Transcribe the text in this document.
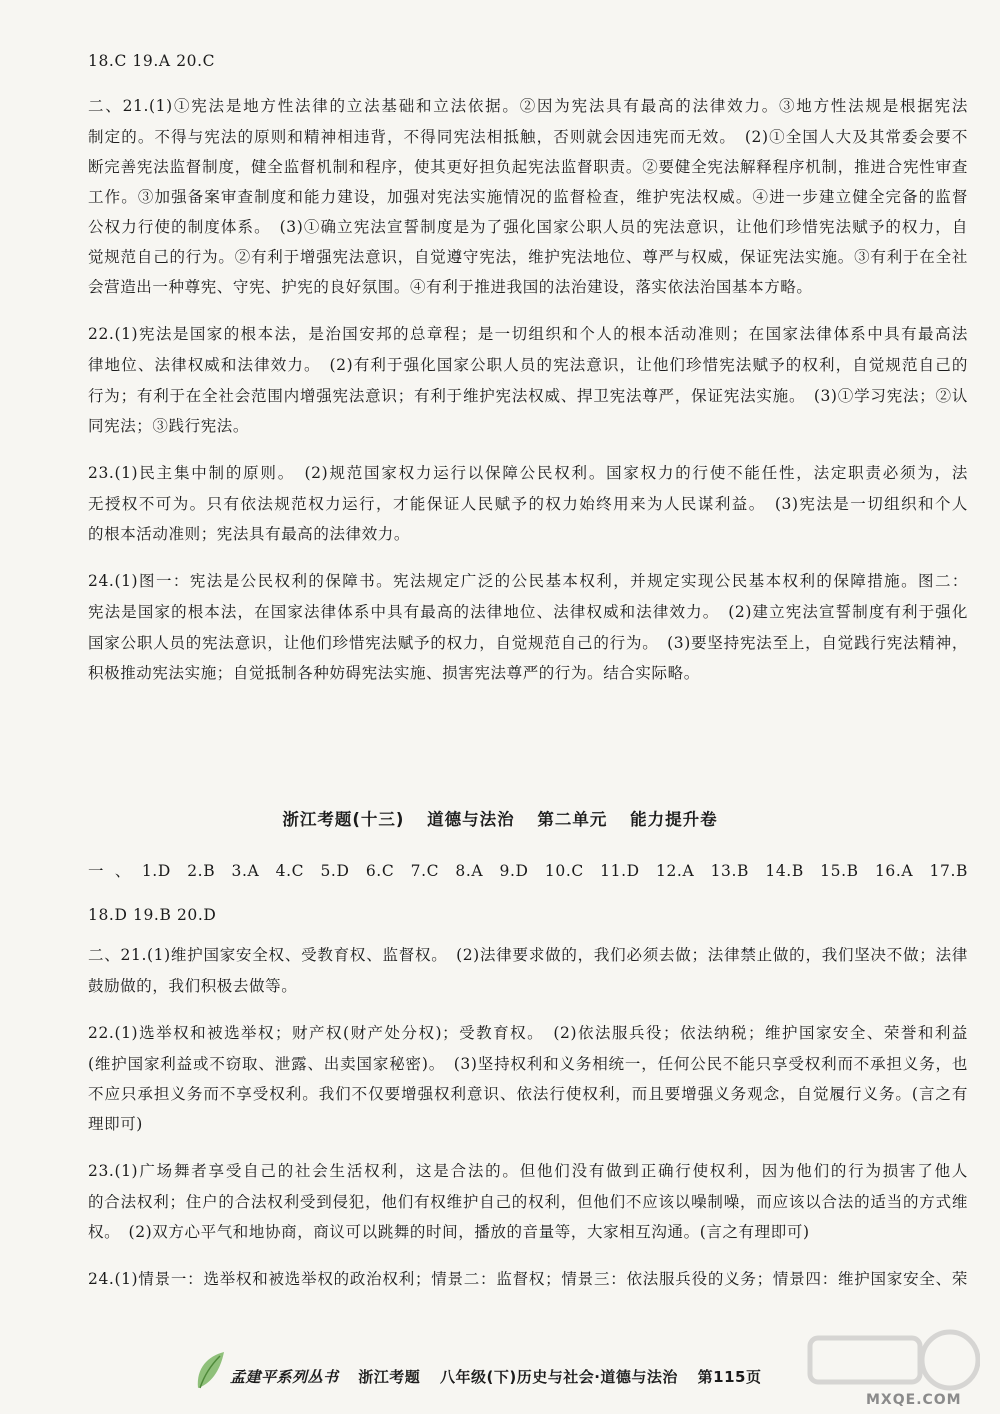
18.C 19.A 20.C
二、21.(1)①宪法是地方性法律的立法基础和立法依据。②因为宪法具有最高的法律效力。③地方性法规是根据宪法
制定的。不得与宪法的原则和精神相违背，不得同宪法相抵触，否则就会因违宪而无效。　(2)①全国人大及其常委会要不
断完善宪法监督制度，健全监督机制和程序，使其更好担负起宪法监督职责。②要健全宪法解释程序机制，推进合宪性审查
工作。③加强备案审查制度和能力建设，加强对宪法实施情况的监督检查，维护宪法权威。④进一步建立健全完备的监督
公权力行使的制度体系。　(3)①确立宪法宣誓制度是为了强化国家公职人员的宪法意识，让他们珍惜宪法赋予的权力，自
觉规范自己的行为。②有利于增强宪法意识，自觉遵守宪法，维护宪法地位、尊严与权威，保证宪法实施。③有利于在全社
会营造出一种尊宪、守宪、护宪的良好氛围。④有利于推进我国的法治建设，落实依法治国基本方略。
22.(1)宪法是国家的根本法，是治国安邦的总章程；是一切组织和个人的根本活动准则；在国家法律体系中具有最高法
律地位、法律权威和法律效力。　(2)有利于强化国家公职人员的宪法意识，让他们珍惜宪法赋予的权利，自觉规范自己的
行为；有利于在全社会范围内增强宪法意识；有利于维护宪法权威、捍卫宪法尊严，保证宪法实施。　(3)①学习宪法；②认
同宪法；③践行宪法。
23.(1)民主集中制的原则。　(2)规范国家权力运行以保障公民权利。国家权力的行使不能任性，法定职责必须为，法
无授权不可为。只有依法规范权力运行，才能保证人民赋予的权力始终用来为人民谋利益。　(3)宪法是一切组织和个人
的根本活动准则；宪法具有最高的法律效力。
24.(1)图一：宪法是公民权利的保障书。宪法规定广泛的公民基本权利，并规定实现公民基本权利的保障措施。图二：
宪法是国家的根本法，在国家法律体系中具有最高的法律地位、法律权威和法律效力。　(2)建立宪法宣誓制度有利于强化
国家公职人员的宪法意识，让他们珍惜宪法赋予的权力，自觉规范自己的行为。　(3)要坚持宪法至上，自觉践行宪法精神，
积极推动宪法实施；自觉抵制各种妨碍宪法实施、损害宪法尊严的行为。结合实际略。
一、1.D 2.B 3.A 4.C 5.D 6.C 7.C 8.A 9.D 10.C 11.D 12.A 13.B 14.B 15.B 16.A 17.B
18.D 19.B 20.D
二、21.(1)维护国家安全权、受教育权、监督权。　(2)法律要求做的，我们必须去做；法律禁止做的，我们坚决不做；法律
鼓励做的，我们积极去做等。
22.(1)选举权和被选举权；财产权(财产处分权)；受教育权。　(2)依法服兵役；依法纳税；维护国家安全、荣誉和利益
(维护国家利益或不窃取、泄露、出卖国家秘密)。　(3)坚持权利和义务相统一，任何公民不能只享受权利而不承担义务，也
不应只承担义务而不享受权利。我们不仅要增强权利意识、依法行使权利，而且要增强义务观念，自觉履行义务。(言之有
理即可)
23.(1)广场舞者享受自己的社会生活权利，这是合法的。但他们没有做到正确行使权利，因为他们的行为损害了他人
的合法权利；住户的合法权利受到侵犯，他们有权维护自己的权利，但他们不应该以噪制噪，而应该以合法的适当的方式维
权。　(2)双方心平气和地协商，商议可以跳舞的时间，播放的音量等，大家相互沟通。(言之有理即可)
24.(1)情景一：选举权和被选举权的政治权利；情景二：监督权；情景三：依法服兵役的义务；情景四：维护国家安全、荣
浙江考题(十三) 道德与法治 第二单元 能力提升卷
孟建平系列丛书 浙江考题 八年级(下)历史与社会·道德与法治 第115页
MXQE.COM
